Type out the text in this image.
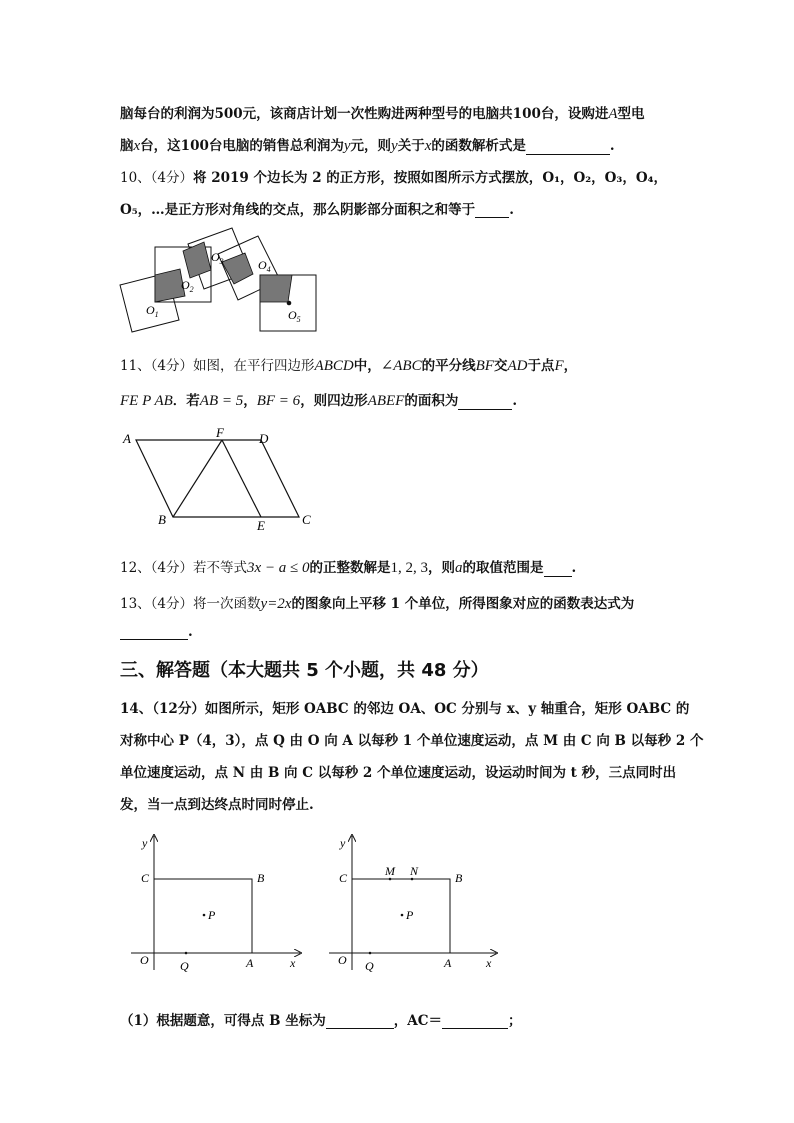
脑每台的利润为500元，该商店计划一次性购进两种型号的电脑共100台，设购进A型电
脑x台，这100台电脑的销售总利润为y元，则y关于x的函数解析式是	.
10、（4分）将 2019 个边长为 2 的正方形，按照如图所示方式摆放，O₁，O₂，O₃，O₄，
O₅，…是正方形对角线的交点，那么阴影部分面积之和等于	.
$O_1$
$O_2$
$O_3$	$O_4$
$O_5$
11、（4分）如图，在平行四边形ABCD中，∠ABC的平分线BF交AD于点F，
FE P AB．若AB = 5，BF = 6，则四边形ABEF的面积为	.
A	F	D
B	E	C
12、（4分）若不等式3x − a ≤ 0的正整数解是1, 2, 3，则a的取值范围是 .
13、（4分）将一次函数y=2x的图象向上平移 1 个单位，所得图象对应的函数表达式为
.
三、解答题（本大题共 5 个小题，共 48 分）
14、（12分）如图所示，矩形 OABC 的邻边 OA、OC 分别与 x、y 轴重合，矩形 OABC 的
对称中心 P（4，3），点 Q 由 O 向 A 以每秒 1 个单位速度运动，点 M 由 C 向 B 以每秒 2 个
单位速度运动，点 N 由 B 向 C 以每秒 2 个单位速度运动，设运动时间为 t 秒，三点同时出
发，当一点到达终点时同时停止.
y
C	B
P
O	Q	A	x
y
C	M N	B
P
O Q	A	x
（1）根据题意，可得点 B 坐标为	，AC＝	；
